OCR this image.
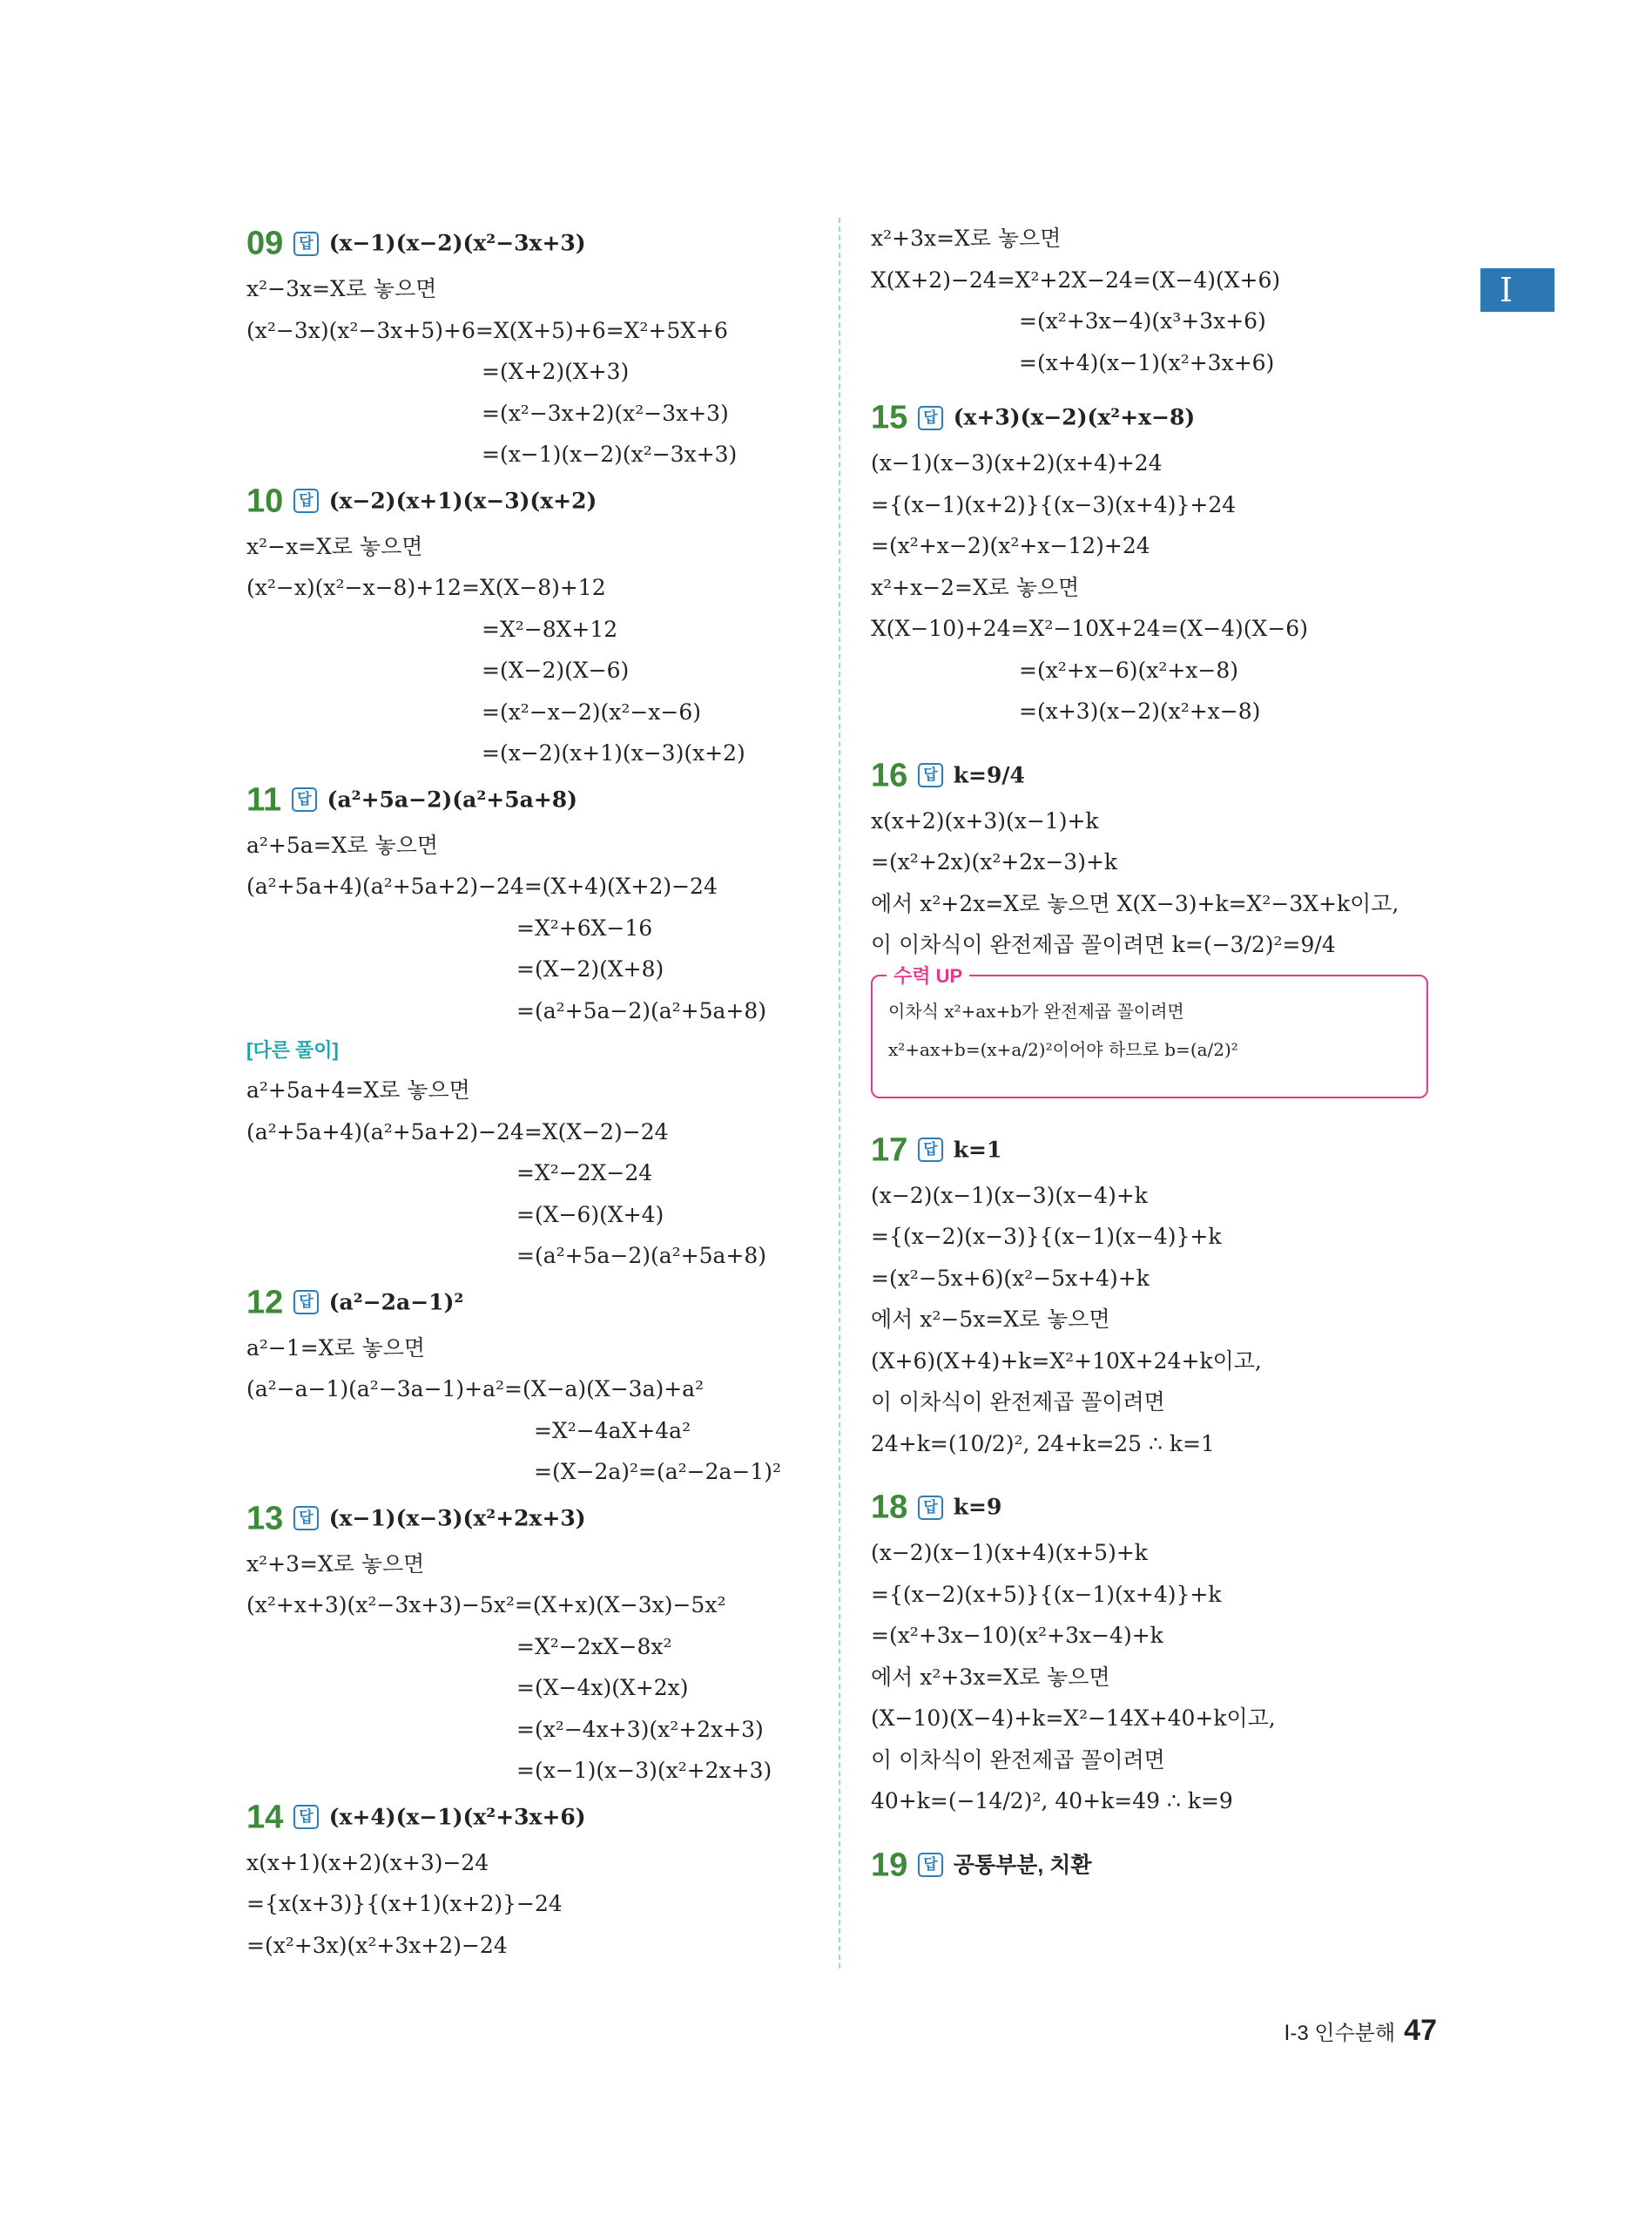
I
09 답 (x−1)(x−2)(x²−3x+3)
x²−3x=X로 놓으면
(x²−3x)(x²−3x+5)+6=X(X+5)+6=X²+5X+6
=(X+2)(X+3)
=(x²−3x+2)(x²−3x+3)
=(x−1)(x−2)(x²−3x+3)
10 답 (x−2)(x+1)(x−3)(x+2)
x²−x=X로 놓으면
(x²−x)(x²−x−8)+12=X(X−8)+12
=X²−8X+12
=(X−2)(X−6)
=(x²−x−2)(x²−x−6)
=(x−2)(x+1)(x−3)(x+2)
11 답 (a²+5a−2)(a²+5a+8)
a²+5a=X로 놓으면
(a²+5a+4)(a²+5a+2)−24=(X+4)(X+2)−24
=X²+6X−16
=(X−2)(X+8)
=(a²+5a−2)(a²+5a+8)
[다른 풀이]
a²+5a+4=X로 놓으면
(a²+5a+4)(a²+5a+2)−24=X(X−2)−24
=X²−2X−24
=(X−6)(X+4)
=(a²+5a−2)(a²+5a+8)
12 답 (a²−2a−1)²
a²−1=X로 놓으면
(a²−a−1)(a²−3a−1)+a²=(X−a)(X−3a)+a²
=X²−4aX+4a²
=(X−2a)²=(a²−2a−1)²
13 답 (x−1)(x−3)(x²+2x+3)
x²+3=X로 놓으면
(x²+x+3)(x²−3x+3)−5x²=(X+x)(X−3x)−5x²
=X²−2xX−8x²
=(X−4x)(X+2x)
=(x²−4x+3)(x²+2x+3)
=(x−1)(x−3)(x²+2x+3)
14 답 (x+4)(x−1)(x²+3x+6)
x(x+1)(x+2)(x+3)−24
={x(x+3)}{(x+1)(x+2)}−24
=(x²+3x)(x²+3x+2)−24
x²+3x=X로 놓으면
X(X+2)−24=X²+2X−24=(X−4)(X+6)
=(x²+3x−4)(x³+3x+6)
=(x+4)(x−1)(x²+3x+6)
15 답 (x+3)(x−2)(x²+x−8)
(x−1)(x−3)(x+2)(x+4)+24
={(x−1)(x+2)}{(x−3)(x+4)}+24
=(x²+x−2)(x²+x−12)+24
x²+x−2=X로 놓으면
X(X−10)+24=X²−10X+24=(X−4)(X−6)
=(x²+x−6)(x²+x−8)
=(x+3)(x−2)(x²+x−8)
16 답 k=9/4
x(x+2)(x+3)(x−1)+k
=(x²+2x)(x²+2x−3)+k
에서 x²+2x=X로 놓으면 X(X−3)+k=X²−3X+k이고,
이 이차식이 완전제곱 꼴이려면 k=(−3/2)²=9/4
수력 UP
이차식 x²+ax+b가 완전제곱 꼴이려면
x²+ax+b=(x+a/2)²이어야 하므로 b=(a/2)²
17 답 k=1
(x−2)(x−1)(x−3)(x−4)+k
={(x−2)(x−3)}{(x−1)(x−4)}+k
=(x²−5x+6)(x²−5x+4)+k
에서 x²−5x=X로 놓으면
(X+6)(X+4)+k=X²+10X+24+k이고,
이 이차식이 완전제곱 꼴이려면
24+k=(10/2)², 24+k=25 ∴ k=1
18 답 k=9
(x−2)(x−1)(x+4)(x+5)+k
={(x−2)(x+5)}{(x−1)(x+4)}+k
=(x²+3x−10)(x²+3x−4)+k
에서 x²+3x=X로 놓으면
(X−10)(X−4)+k=X²−14X+40+k이고,
이 이차식이 완전제곱 꼴이려면
40+k=(−14/2)², 40+k=49 ∴ k=9
19 답 공통부분, 치환
Ⅰ-3 인수분해 47
